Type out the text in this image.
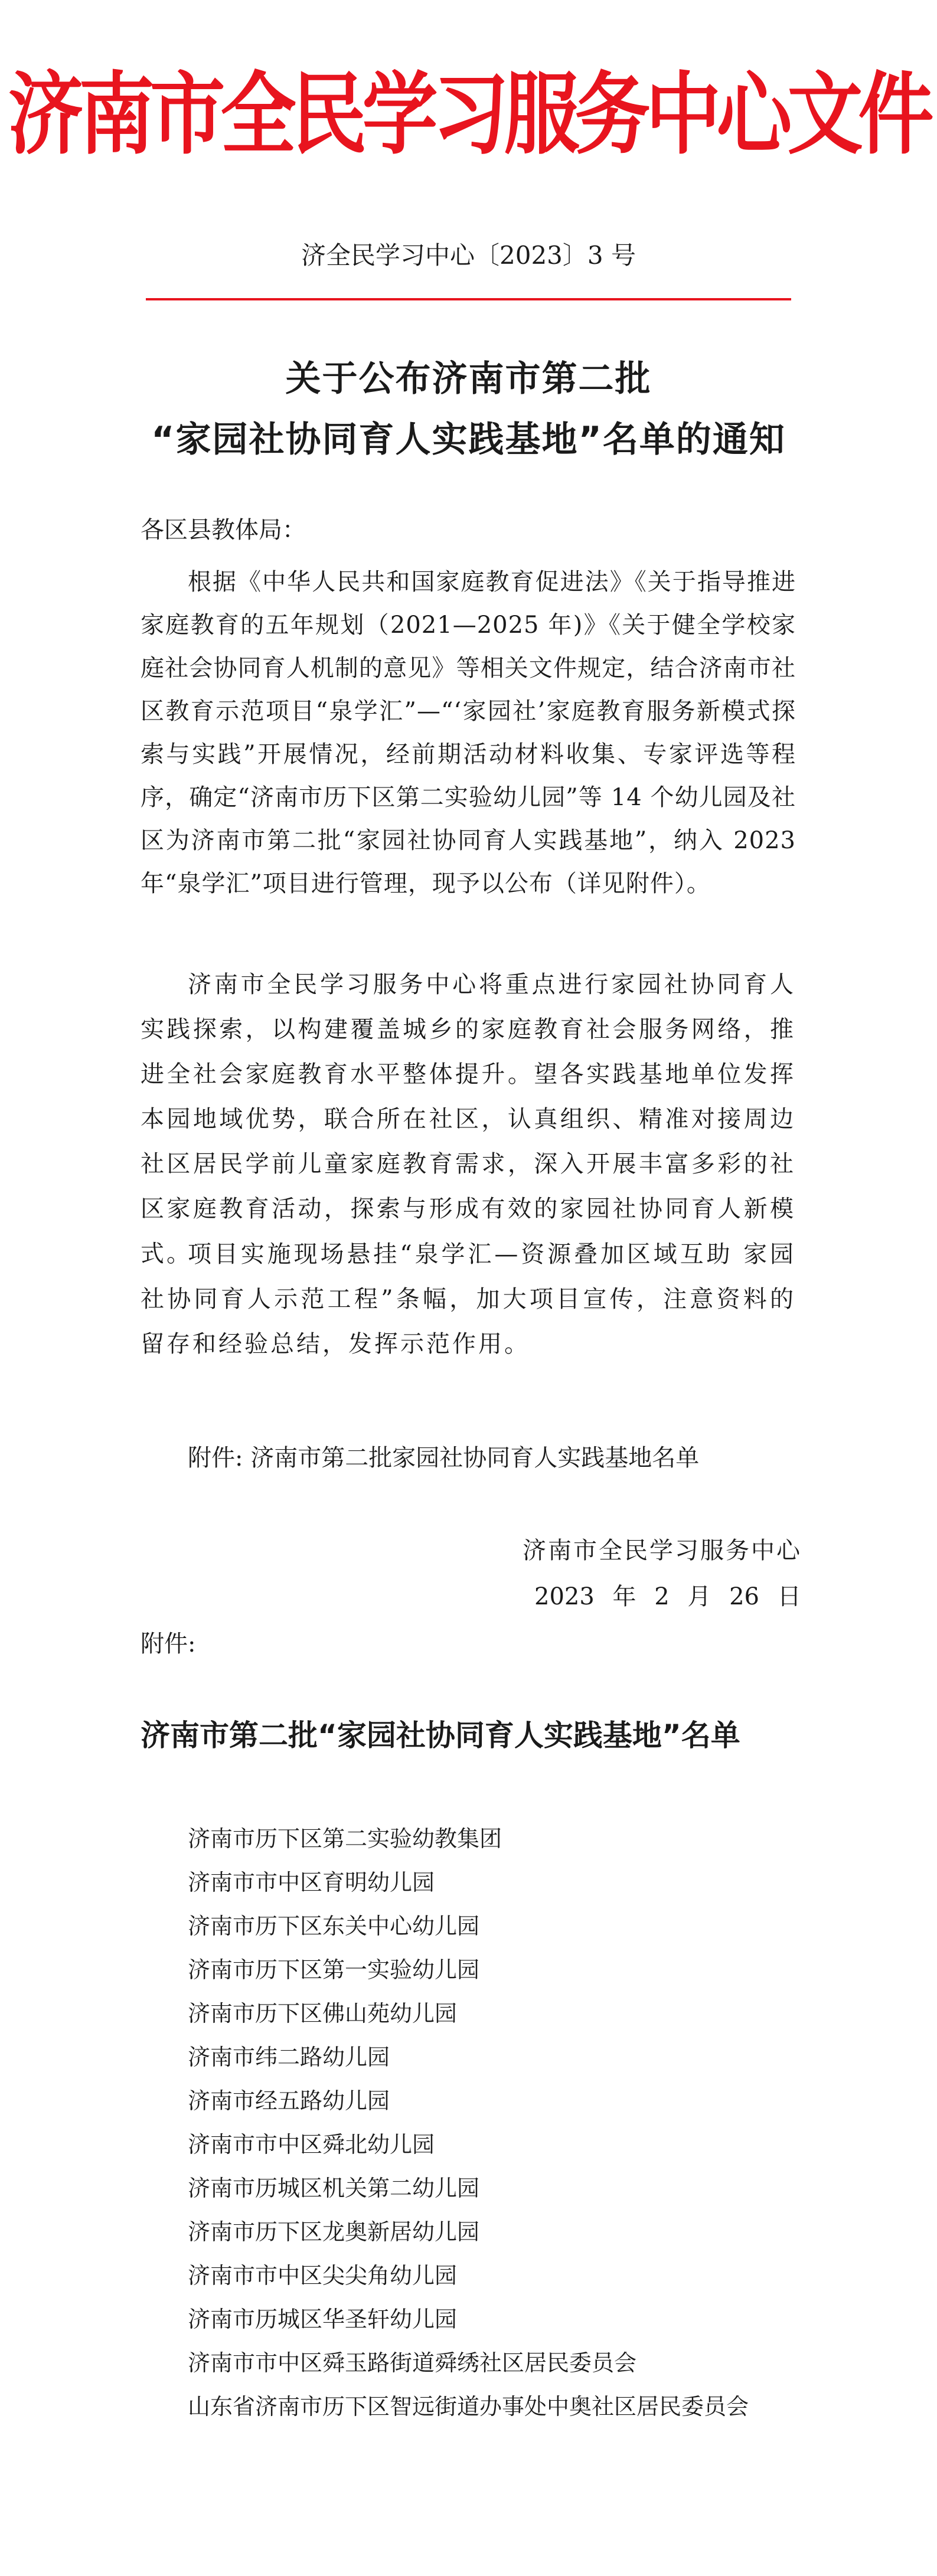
济南市全民学习服务中心文件
济全民学习中心〔2023〕3 号
关于公布济南市第二批
“家园社协同育人实践基地”名单的通知
各区县教体局：

根据《中华人民共和国家庭教育促进法》《关于指导推进家庭教育的五年规划（2021—2025 年)》《关于健全学校家庭社会协同育人机制的意见》等相关文件规定，结合济南市社区教育示范项目“泉学汇”—“‘家园社’家庭教育服务新模式探索与实践”开展情况，经前期活动材料收集、专家评选等程序，确定“济南市历下区第二实验幼儿园”等 14 个幼儿园及社区为济南市第二批“家园社协同育人实践基地”，纳入 2023 年“泉学汇”项目进行管理，现予以公布（详见附件）。

济南市全民学习服务中心将重点进行家园社协同育人实践探索，以构建覆盖城乡的家庭教育社会服务网络，推进全社会家庭教育水平整体提升。望各实践基地单位发挥本园地域优势，联合所在社区，认真组织、精准对接周边社区居民学前儿童家庭教育需求，深入开展丰富多彩的社区家庭教育活动，探索与形成有效的家园社协同育人新模式。

项目实施现场悬挂“泉学汇—资源叠加区域互助 家园社协同育人示范工程”条幅，加大项目宣传，注意资料的留存和经验总结，发挥示范作用。

附件: 济南市第二批家园社协同育人实践基地名单
济南市全民学习服务中心
2023 年 2 月 26 日
附件:
济南市第二批“家园社协同育人实践基地”名单
济南市历下区第二实验幼教集团
济南市市中区育明幼儿园
济南市历下区东关中心幼儿园
济南市历下区第一实验幼儿园
济南市历下区佛山苑幼儿园
济南市纬二路幼儿园
济南市经五路幼儿园
济南市市中区舜北幼儿园
济南市历城区机关第二幼儿园
济南市历下区龙奥新居幼儿园
济南市市中区尖尖角幼儿园
济南市历城区华圣轩幼儿园
济南市市中区舜玉路街道舜绣社区居民委员会
山东省济南市历下区智远街道办事处中奥社区居民委员会
